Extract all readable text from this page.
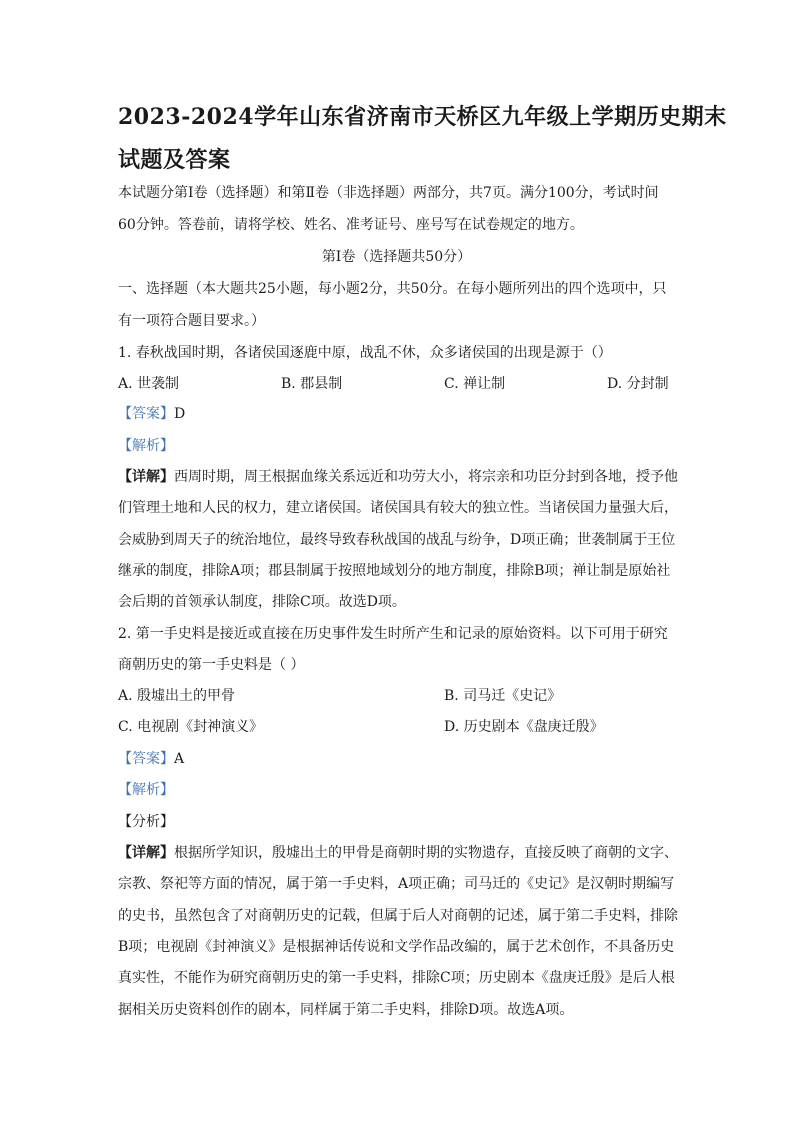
2023-2024学年山东省济南市天桥区九年级上学期历史期末
试题及答案
本试题分第Ⅰ卷（选择题）和第Ⅱ卷（非选择题）两部分，共7页。满分100分，考试时间
60分钟。答卷前，请将学校、姓名、准考证号、座号写在试卷规定的地方。
第Ⅰ卷（选择题共50分）
一、选择题（本大题共25小题，每小题2分，共50分。在每小题所列出的四个选项中，只
有一项符合题目要求。）
1. 春秋战国时期，各诸侯国逐鹿中原，战乱不休，众多诸侯国的出现是源于（）
A. 世袭制	B. 郡县制	C. 禅让制	D. 分封制
【答案】D
【解析】
【详解】西周时期，周王根据血缘关系远近和功劳大小，将宗亲和功臣分封到各地，授予他
们管理土地和人民的权力，建立诸侯国。诸侯国具有较大的独立性。当诸侯国力量强大后，
会威胁到周天子的统治地位，最终导致春秋战国的战乱与纷争，D项正确；世袭制属于王位
继承的制度，排除A项；郡县制属于按照地域划分的地方制度，排除B项；禅让制是原始社
会后期的首领承认制度，排除C项。故选D项。
2. 第一手史料是接近或直接在历史事件发生时所产生和记录的原始资料。以下可用于研究
商朝历史的第一手史料是（ ）
A. 殷墟出土的甲骨	B. 司马迁《史记》
C. 电视剧《封神演义》	D. 历史剧本《盘庚迁殷》
【答案】A
【解析】
【分析】
【详解】根据所学知识，殷墟出土的甲骨是商朝时期的实物遗存，直接反映了商朝的文字、
宗教、祭祀等方面的情况，属于第一手史料，A项正确；司马迁的《史记》是汉朝时期编写
的史书，虽然包含了对商朝历史的记载，但属于后人对商朝的记述，属于第二手史料，排除
B项；电视剧《封神演义》是根据神话传说和文学作品改编的，属于艺术创作，不具备历史
真实性，不能作为研究商朝历史的第一手史料，排除C项；历史剧本《盘庚迁殷》是后人根
据相关历史资料创作的剧本，同样属于第二手史料，排除D项。故选A项。
